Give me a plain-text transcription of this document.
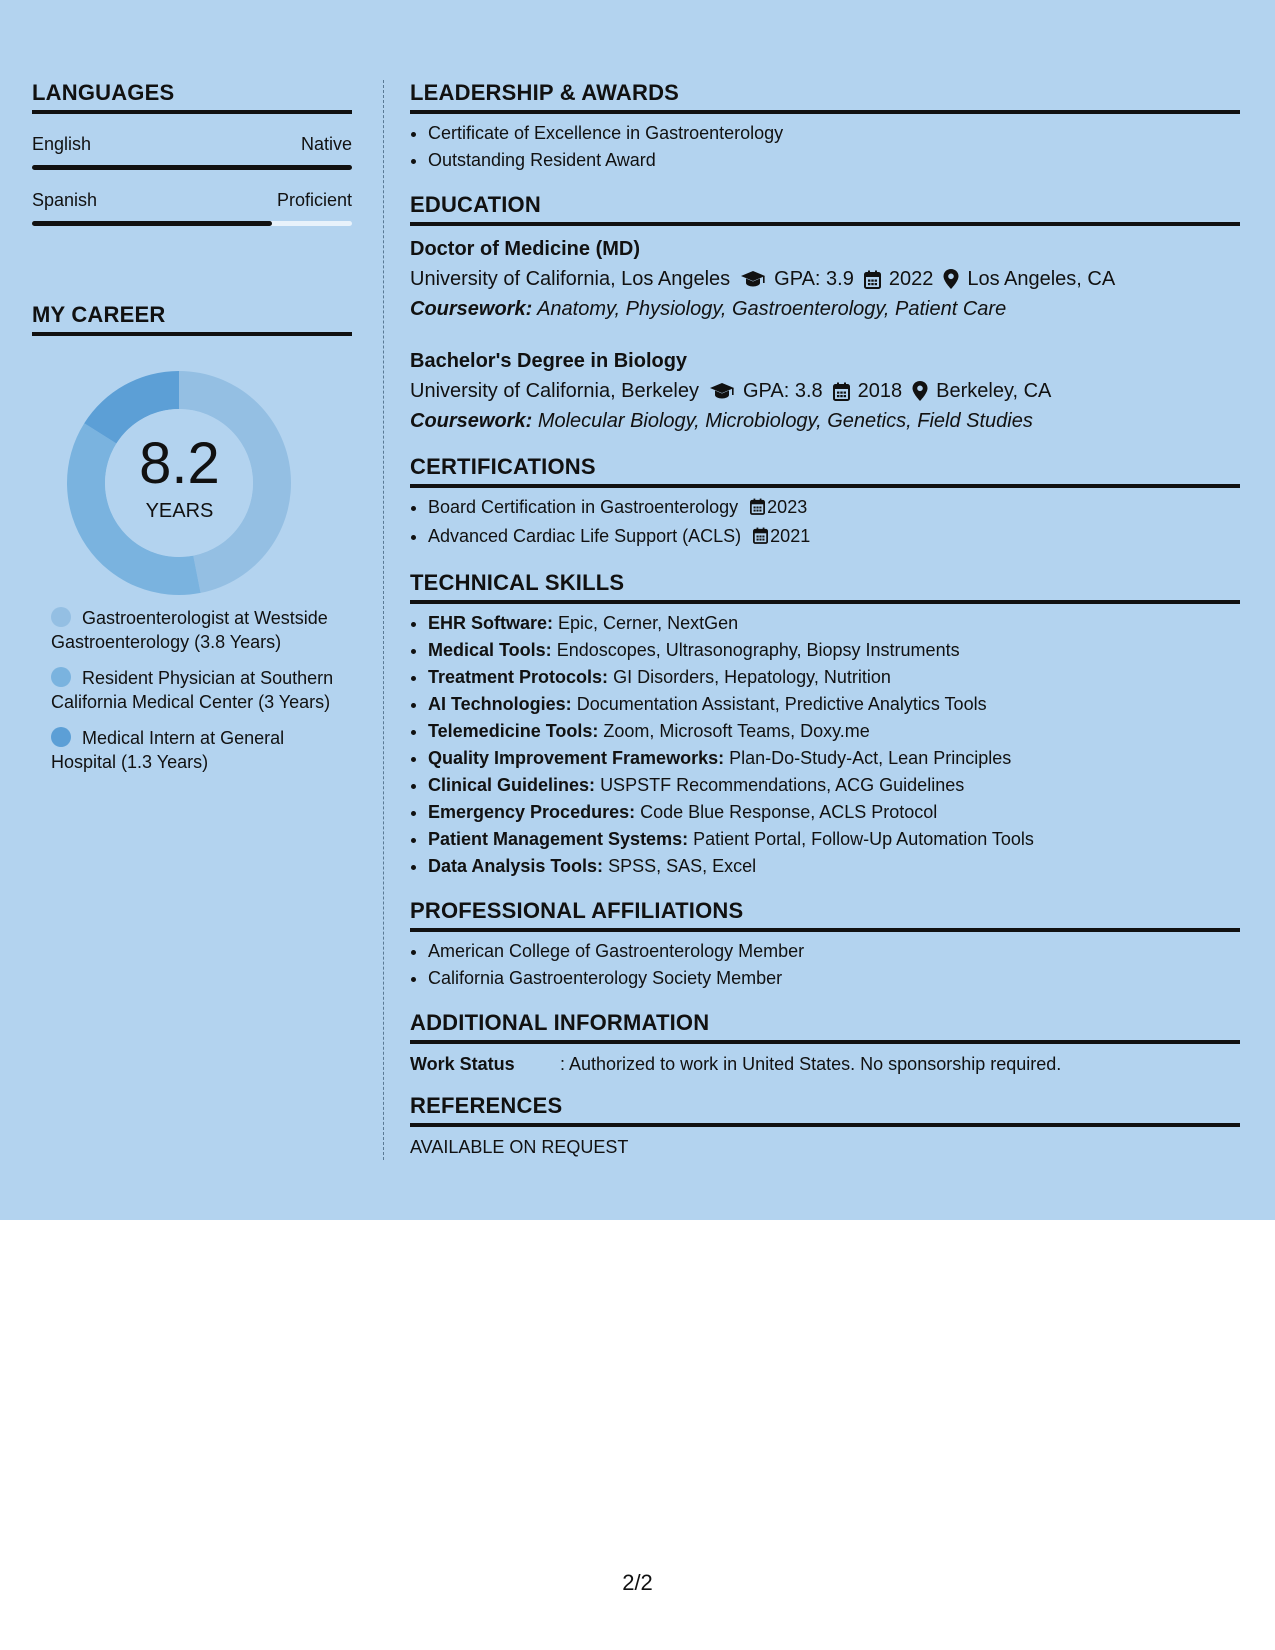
LANGUAGES
English	Native
Spanish	Proficient
MY CAREER
8.2
YEARS
Gastroenterologist at Westside Gastroenterology (3.8 Years)
Resident Physician at Southern California Medical Center (3 Years)
Medical Intern at General Hospital (1.3 Years)
LEADERSHIP & AWARDS
• Certificate of Excellence in Gastroenterology
• Outstanding Resident Award
EDUCATION
Doctor of Medicine (MD)
University of California, Los Angeles GPA: 3.9 2022 Los Angeles, CA
Coursework: Anatomy, Physiology, Gastroenterology, Patient Care
Bachelor's Degree in Biology
University of California, Berkeley GPA: 3.8 2018 Berkeley, CA
Coursework: Molecular Biology, Microbiology, Genetics, Field Studies
CERTIFICATIONS
• Board Certification in Gastroenterology 2023
• Advanced Cardiac Life Support (ACLS) 2021
TECHNICAL SKILLS
• EHR Software: Epic, Cerner, NextGen
• Medical Tools: Endoscopes, Ultrasonography, Biopsy Instruments
• Treatment Protocols: GI Disorders, Hepatology, Nutrition
• AI Technologies: Documentation Assistant, Predictive Analytics Tools
• Telemedicine Tools: Zoom, Microsoft Teams, Doxy.me
• Quality Improvement Frameworks: Plan-Do-Study-Act, Lean Principles
• Clinical Guidelines: USPSTF Recommendations, ACG Guidelines
• Emergency Procedures: Code Blue Response, ACLS Protocol
• Patient Management Systems: Patient Portal, Follow-Up Automation Tools
• Data Analysis Tools: SPSS, SAS, Excel
PROFESSIONAL AFFILIATIONS
• American College of Gastroenterology Member
• California Gastroenterology Society Member
ADDITIONAL INFORMATION
Work Status	: Authorized to work in United States. No sponsorship required.
REFERENCES
AVAILABLE ON REQUEST
2/2
